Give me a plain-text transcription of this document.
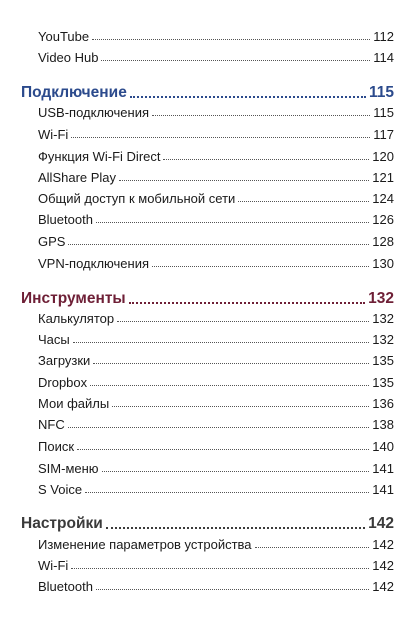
YouTube	112
Video Hub	114
Подключение	115
USB-подключения	115
Wi-Fi	117
Функция Wi-Fi Direct	120
AllShare Play	121
Общий доступ к мобильной сети	124
Bluetooth	126
GPS	128
VPN-подключения	130
Инструменты	132
Калькулятор	132
Часы	132
Загрузки	135
Dropbox	135
Мои файлы	136
NFC	138
Поиск	140
SIM-меню	141
S Voice	141
Настройки	142
Изменение параметров устройства	142
Wi-Fi	142
Bluetooth	142
